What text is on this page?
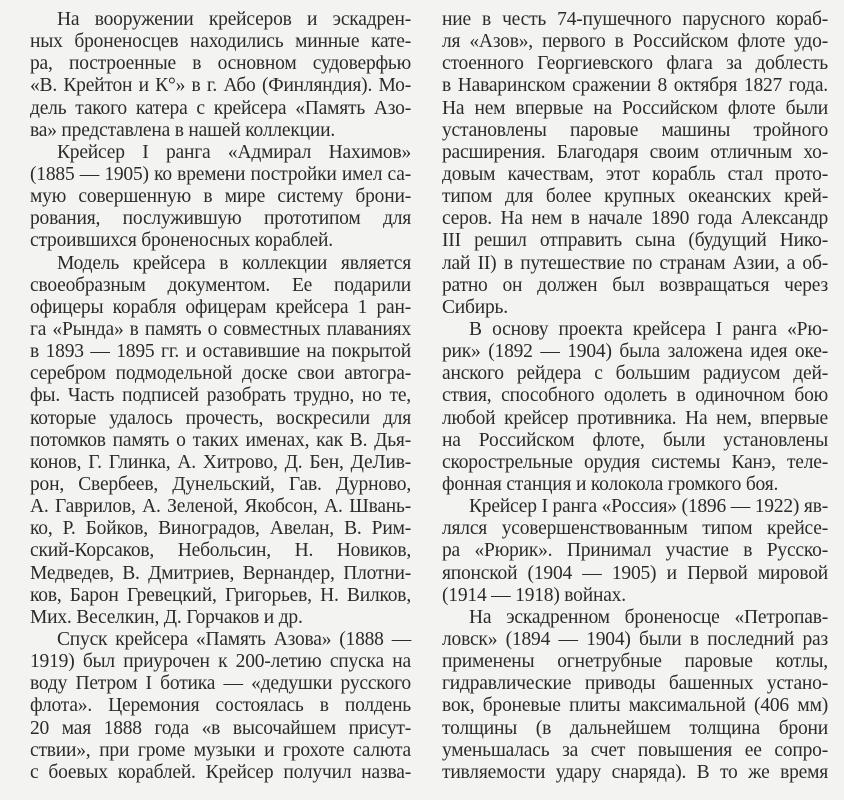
На вооружении крейсеров и эскадрен-
ных броненосцев находились минные кате-
ра, построенные в основном судоверфью
«В. Крейтон и К°» в г. Або (Финляндия). Мо-
дель такого катера с крейсера «Память Азо-
ва» представлена в нашей коллекции.
Крейсер I ранга «Адмирал Нахимов»
(1885 — 1905) ко времени постройки имел са-
мую совершенную в мире систему брони-
рования, послужившую прототипом для
строившихся броненосных кораблей.
Модель крейсера в коллекции является
своеобразным документом. Ее подарили
офицеры корабля офицерам крейсера 1 ран-
га «Рында» в память о совместных плаваниях
в 1893 — 1895 гг. и оставившие на покрытой
серебром подмодельной доске свои автогра-
фы. Часть подписей разобрать трудно, но те,
которые удалось прочесть, воскресили для
потомков память о таких именах, как В. Дья-
конов, Г. Глинка, А. Хитрово, Д. Бен, ДеЛив-
рон, Свербеев, Дунельский, Гав. Дурново,
А. Гаврилов, А. Зеленой, Якобсон, А. Швань-
ко, Р. Бойков, Виноградов, Авелан, В. Рим-
ский-Корсаков, Небольсин, Н. Новиков,
Медведев, В. Дмитриев, Вернандер, Плотни-
ков, Барон Гревецкий, Григорьев, Н. Вилков,
Мих. Веселкин, Д. Горчаков и др.
Спуск крейсера «Память Азова» (1888 —
1919) был приурочен к 200-летию спуска на
воду Петром I ботика — «дедушки русского
флота». Церемония состоялась в полдень
20 мая 1888 года «в высочайшем присут-
ствии», при громе музыки и грохоте салюта
с боевых кораблей. Крейсер получил назва-
ние в честь 74-пушечного парусного кораб-
ля «Азов», первого в Российском флоте удо-
стоенного Георгиевского флага за доблесть
в Наваринском сражении 8 октября 1827 года.
На нем впервые на Российском флоте были
установлены паровые машины тройного
расширения. Благодаря своим отличным хо-
довым качествам, этот корабль стал прото-
типом для более крупных океанских крей-
серов. На нем в начале 1890 года Александр
III решил отправить сына (будущий Нико-
лай II) в путешествие по странам Азии, а об-
ратно он должен был возвращаться через
Сибирь.
В основу проекта крейсера I ранга «Рю-
рик» (1892 — 1904) была заложена идея оке-
анского рейдера с большим радиусом дей-
ствия, способного одолеть в одиночном бою
любой крейсер противника. На нем, впервые
на Российском флоте, были установлены
скорострельные орудия системы Канэ, теле-
фонная станция и колокола громкого боя.
Крейсер I ранга «Россия» (1896 — 1922) яв-
лялся усовершенствованным типом крейсе-
ра «Рюрик». Принимал участие в Русско-
японской (1904 — 1905) и Первой мировой
(1914 — 1918) войнах.
На эскадренном броненосце «Петропав-
ловск» (1894 — 1904) были в последний раз
применены огнетрубные паровые котлы,
гидравлические приводы башенных устано-
вок, броневые плиты максимальной (406 мм)
толщины (в дальнейшем толщина брони
уменьшалась за счет повышения ее сопро-
тивляемости удару снаряда). В то же время
